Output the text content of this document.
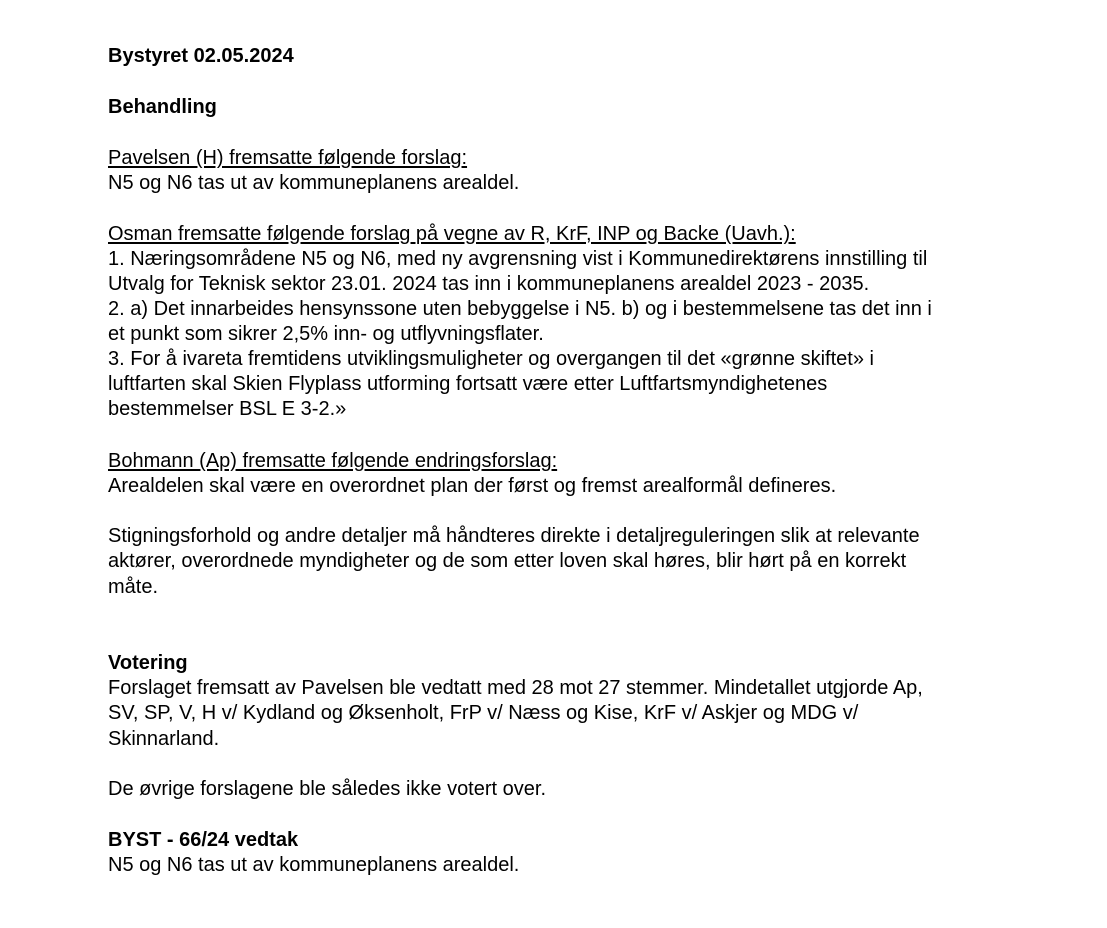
Bystyret 02.05.2024
Behandling
Pavelsen (H) fremsatte følgende forslag:
N5 og N6 tas ut av kommuneplanens arealdel.
Osman fremsatte følgende forslag på vegne av R, KrF, INP og Backe (Uavh.):
1. Næringsområdene N5 og N6, med ny avgrensning vist i Kommunedirektørens innstilling til
Utvalg for Teknisk sektor 23.01. 2024 tas inn i kommuneplanens arealdel 2023 - 2035.
2. a) Det innarbeides hensynssone uten bebyggelse i N5. b) og i bestemmelsene tas det inn i
et punkt som sikrer 2,5% inn- og utflyvningsflater.
3. For å ivareta fremtidens utviklingsmuligheter og overgangen til det «grønne skiftet» i
luftfarten skal Skien Flyplass utforming fortsatt være etter Luftfartsmyndighetenes
bestemmelser BSL E 3-2.»
Bohmann (Ap) fremsatte følgende endringsforslag:
Arealdelen skal være en overordnet plan der først og fremst arealformål defineres.
Stigningsforhold og andre detaljer må håndteres direkte i detaljreguleringen slik at relevante
aktører, overordnede myndigheter og de som etter loven skal høres, blir hørt på en korrekt
måte.
Votering
Forslaget fremsatt av Pavelsen ble vedtatt med 28 mot 27 stemmer. Mindetallet utgjorde Ap,
SV, SP, V, H v/ Kydland og Øksenholt, FrP v/ Næss og Kise, KrF v/ Askjer og MDG v/
Skinnarland.
De øvrige forslagene ble således ikke votert over.
BYST - 66/24 vedtak
N5 og N6 tas ut av kommuneplanens arealdel.
